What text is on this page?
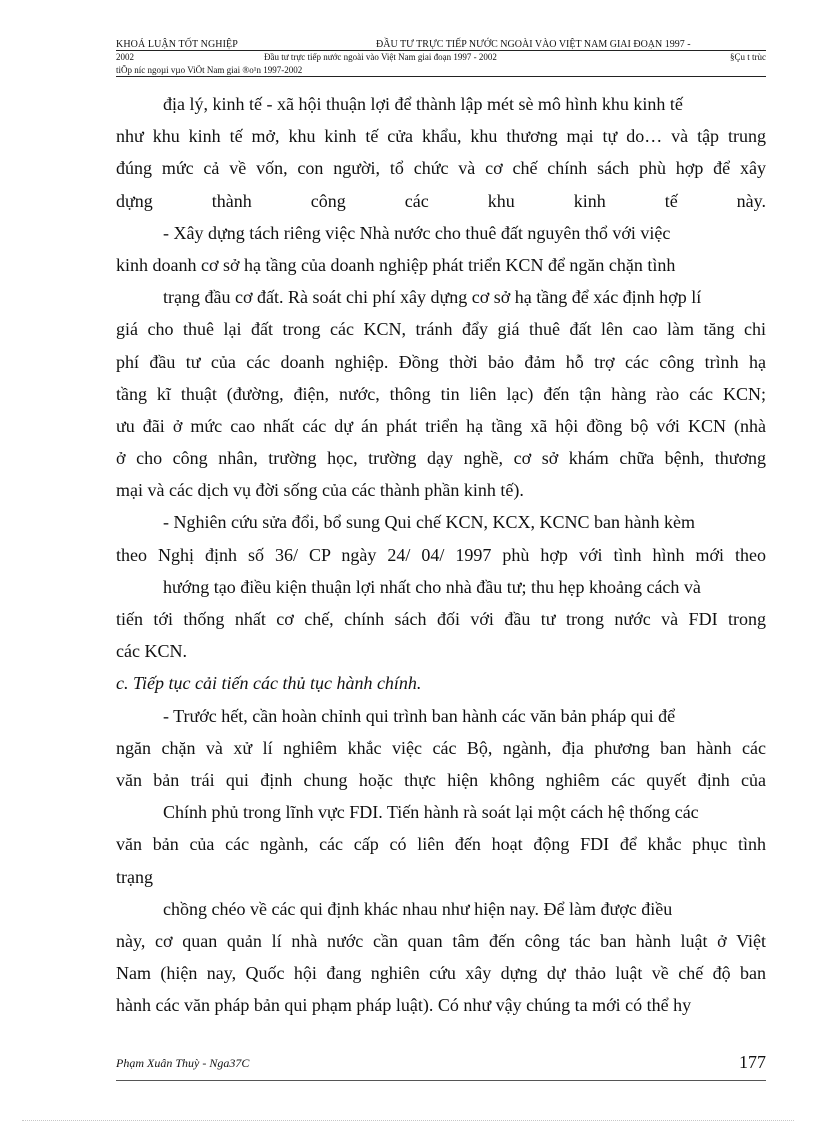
KHOÁ LUẬN TỐT NGHIỆP	ĐẦU TƯ TRỰC TIẾP NƯỚC NGOÀI VÀO VIỆT NAM GIAI ĐOẠN 1997 -
2002	Đầu tư trực tiếp nước ngoài vào Việt Nam giai đoạn 1997 - 2002	§Çu t trùc
tiÕp níc ngoµi vµo ViÖt Nam giai ®o¹n 1997-2002
địa lý, kinh tế - xã hội thuận lợi để thành lập mét sè mô hình khu kinh tế
như khu kinh tế mở, khu kinh tế cửa khẩu, khu thương mại tự do… và tập trung
đúng mức cả về vốn, con người, tổ chức và cơ chế chính sách phù hợp để xây
dựng thành công các khu kinh tế này.
- Xây dựng tách riêng việc Nhà nước cho thuê đất nguyên thổ với việc
kinh doanh cơ sở hạ tầng của doanh nghiệp phát triển KCN để ngăn chặn tình
trạng đầu cơ đất. Rà soát chi phí xây dựng cơ sở hạ tầng để xác định hợp lí
giá cho thuê lại đất trong các KCN, tránh đẩy giá thuê đất lên cao làm tăng chi
phí đầu tư của các doanh nghiệp. Đồng thời bảo đảm hỗ trợ các công trình hạ
tầng kĩ thuật (đường, điện, nước, thông tin liên lạc) đến tận hàng rào các KCN;
ưu đãi ở mức cao nhất các dự án phát triển hạ tầng xã hội đồng bộ với KCN (nhà
ở cho công nhân, trường học, trường dạy nghề, cơ sở khám chữa bệnh, thương
mại và các dịch vụ đời sống của các thành phần kinh tế).
- Nghiên cứu sửa đổi, bổ sung Qui chế KCN, KCX, KCNC ban hành kèm
theo Nghị định số 36/ CP ngày 24/ 04/ 1997 phù hợp với tình hình mới theo
hướng tạo điều kiện thuận lợi nhất cho nhà đầu tư; thu hẹp khoảng cách và
tiến tới thống nhất cơ chế, chính sách đối với đầu tư trong nước và FDI trong
các KCN.
c. Tiếp tục cải tiến các thủ tục hành chính.
- Trước hết, cần hoàn chỉnh qui trình ban hành các văn bản pháp qui để
ngăn chặn và xử lí nghiêm khắc việc các Bộ, ngành, địa phương ban hành các
văn bản trái qui định chung hoặc thực hiện không nghiêm các quyết định của
Chính phủ trong lĩnh vực FDI. Tiến hành rà soát lại một cách hệ thống các
văn bản của các ngành, các cấp có liên đến hoạt động FDI để khắc phục tình
trạng
chồng chéo về các qui định khác nhau như hiện nay. Để làm được điều
này, cơ quan quản lí nhà nước cần quan tâm đến công tác ban hành luật ở Việt
Nam (hiện nay, Quốc hội đang nghiên cứu xây dựng dự thảo luật về chế độ ban
hành các văn pháp bản qui phạm pháp luật). Có như vậy chúng ta mới có thể hy
Phạm Xuân Thuỳ - Nga37C	177
